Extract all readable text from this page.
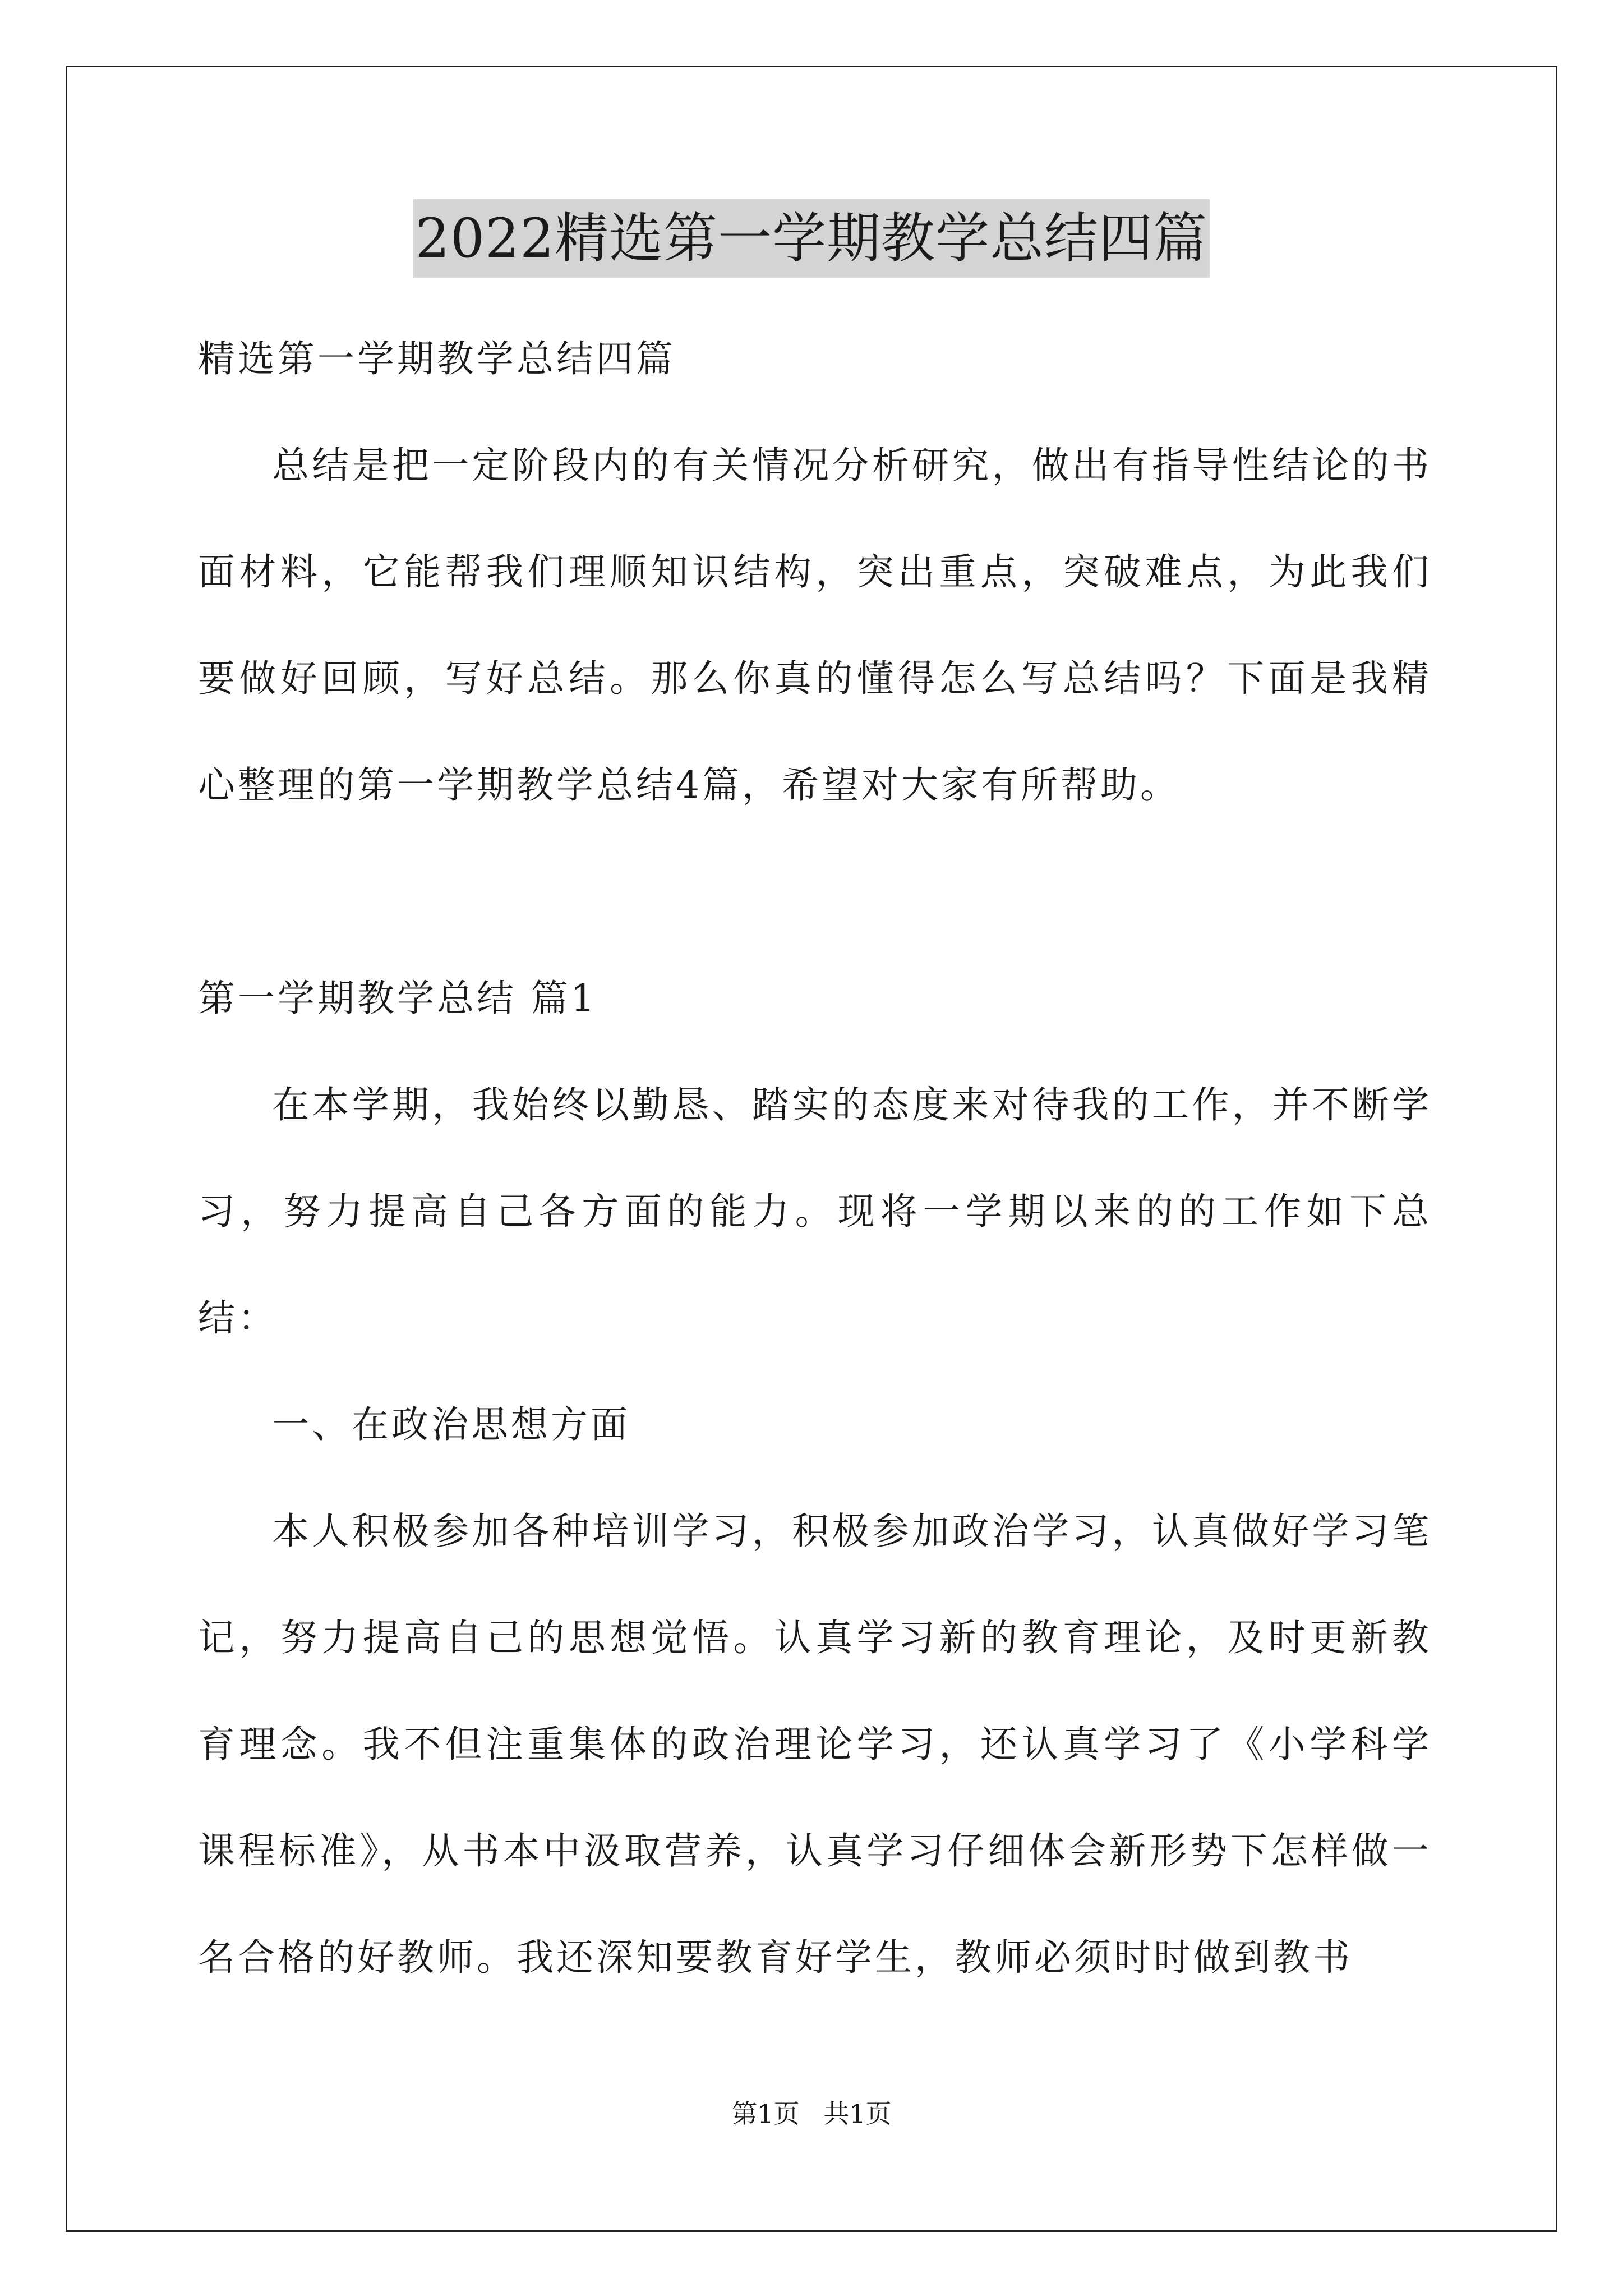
2022精选第一学期教学总结四篇

精选第一学期教学总结四篇

总结是把一定阶段内的有关情况分析研究，做出有指导性结论的书面材料，它能帮我们理顺知识结构，突出重点，突破难点，为此我们要做好回顾，写好总结。那么你真的懂得怎么写总结吗？下面是我精心整理的第一学期教学总结4篇，希望对大家有所帮助。

第一学期教学总结 篇1

在本学期，我始终以勤恳、踏实的态度来对待我的工作，并不断学习，努力提高自己各方面的能力。现将一学期以来的的工作如下总结：

一、在政治思想方面

本人积极参加各种培训学习，积极参加政治学习，认真做好学习笔记，努力提高自己的思想觉悟。认真学习新的教育理论，及时更新教育理念。我不但注重集体的政治理论学习，还认真学习了《小学科学课程标准》，从书本中汲取营养，认真学习仔细体会新形势下怎样做一名合格的好教师。我还深知要教育好学生，教师必须时时做到教书

第1页 共1页
